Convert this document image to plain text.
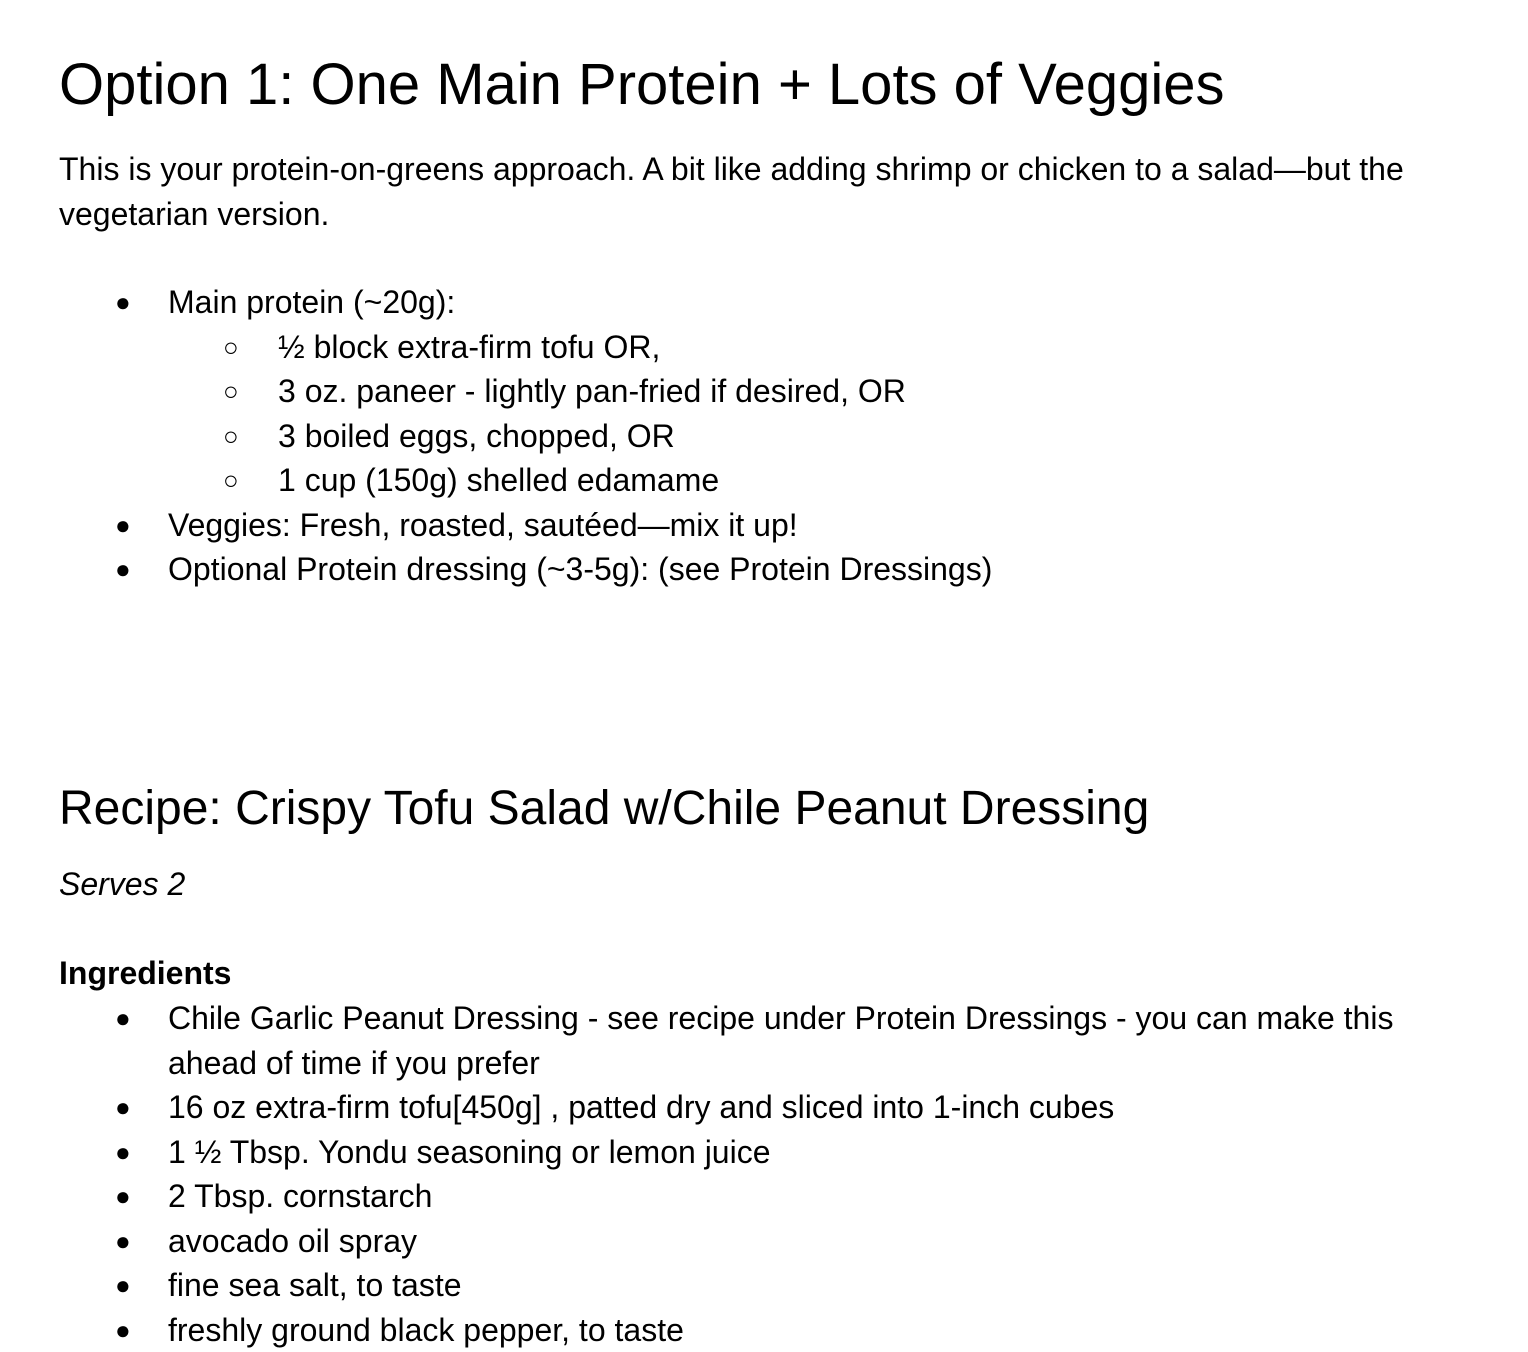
Option 1: One Main Protein + Lots of Veggies

This is your protein-on-greens approach. A bit like adding shrimp or chicken to a salad—but the vegetarian version.

● Main protein (~20g):
○ ½ block extra-firm tofu OR,
○ 3 oz. paneer - lightly pan-fried if desired, OR
○ 3 boiled eggs, chopped, OR
○ 1 cup (150g) shelled edamame
● Veggies: Fresh, roasted, sautéed—mix it up!
● Optional Protein dressing (~3-5g): (see Protein Dressings)
Recipe: Crispy Tofu Salad w/Chile Peanut Dressing

Serves 2

Ingredients

● Chile Garlic Peanut Dressing - see recipe under Protein Dressings - you can make this ahead of time if you prefer
● 16 oz extra-firm tofu[450g] , patted dry and sliced into 1-inch cubes
● 1 ½ Tbsp. Yondu seasoning or lemon juice
● 2 Tbsp. cornstarch
● avocado oil spray
● fine sea salt, to taste
● freshly ground black pepper, to taste
